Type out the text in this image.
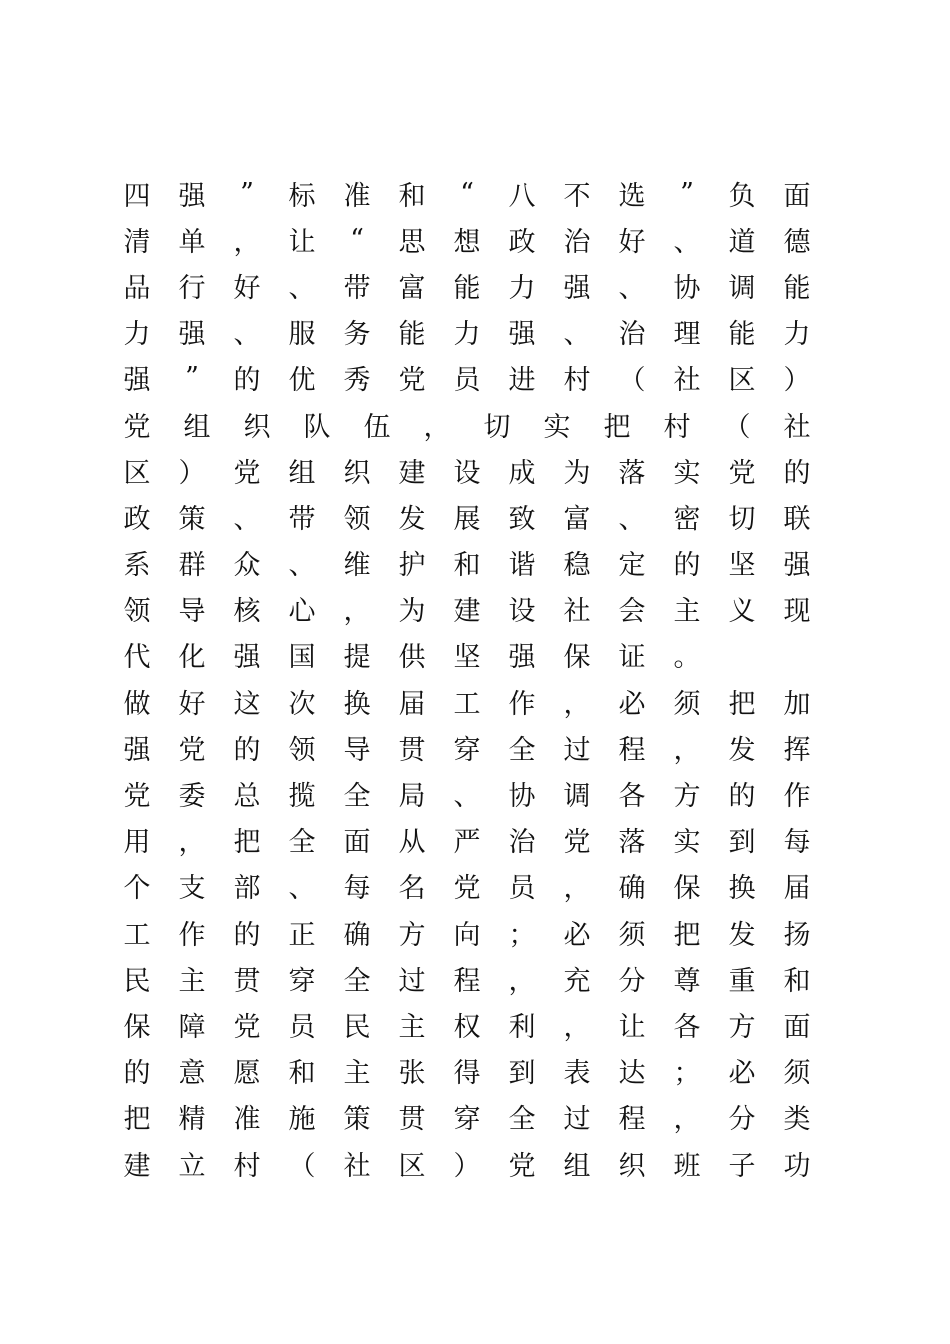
四 强 ” 标 准 和 “ 八 不 选 ” 负 面
清 单 ， 让 “ 思 想 政 治 好 、 道 德
品 行 好 、 带 富 能 力 强 、 协 调 能
力 强 、 服 务 能 力 强 、 治 理 能 力
强 ” 的 优 秀 党 员 进 村 （ 社 区 ）
党 组 织 队 伍 ， 切 实 把 村 （ 社
区 ） 党 组 织 建 设 成 为 落 实 党 的
政 策 、 带 领 发 展 致 富 、 密 切 联
系 群 众 、 维 护 和 谐 稳 定 的 坚 强
领 导 核 心 ， 为 建 设 社 会 主 义 现
代 化 强 国 提 供 坚 强 保 证 。
做 好 这 次 换 届 工 作 ， 必 须 把 加
强 党 的 领 导 贯 穿 全 过 程 ， 发 挥
党 委 总 揽 全 局 、 协 调 各 方 的 作
用 ， 把 全 面 从 严 治 党 落 实 到 每
个 支 部 、 每 名 党 员 ， 确 保 换 届
工 作 的 正 确 方 向 ； 必 须 把 发 扬
民 主 贯 穿 全 过 程 ， 充 分 尊 重 和
保 障 党 员 民 主 权 利 ， 让 各 方 面
的 意 愿 和 主 张 得 到 表 达 ； 必 须
把 精 准 施 策 贯 穿 全 过 程 ， 分 类
建 立 村 （ 社 区 ） 党 组 织 班 子 功
